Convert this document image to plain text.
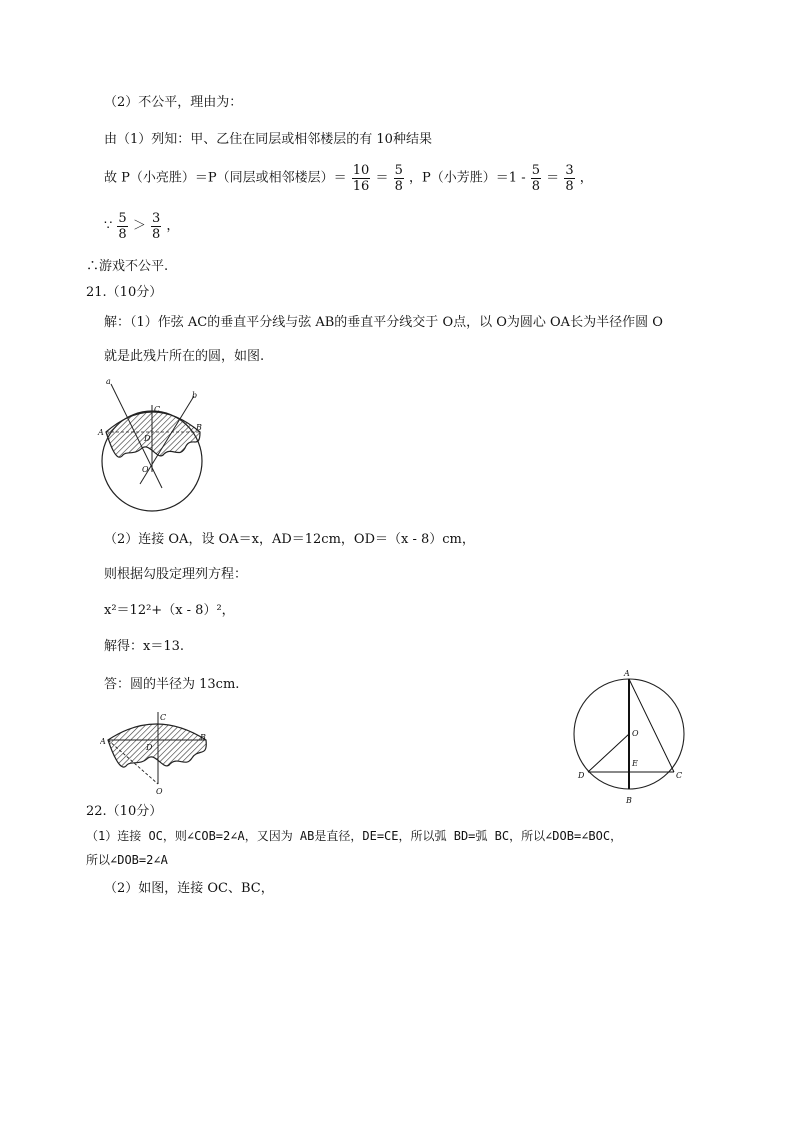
（2）不公平，理由为：
由（1）列知：甲、乙住在同层或相邻楼层的有 10种结果
故 P（小亮胜）＝P（同层或相邻楼层）＝ $\frac{10}{16} = \frac{5}{8}$ ，P（小芳胜）$=1 - \frac{5}{8} = \frac{3}{8}$ ，
∵ $\frac{5}{8} > \frac{3}{8}$ ，
∴游戏不公平.
21.（10分）
解：（1）作弦 AC的垂直平分线与弦 AB的垂直平分线交于 O点，以 O为圆心 OA长为半径作圆 O
就是此残片所在的圆，如图.
a
b
C
A
B
D
O
（2）连接 OA，设 OA＝x，AD＝12cm，OD＝（x - 8）cm，
则根据勾股定理列方程：
x²＝12²+（x - 8）²，
解得：x＝13.
答：圆的半径为 13cm.
C
A	B
D
O
A
O
E
D	C
B
22.（10分）
（1）连接 OC，则∠COB=2∠A，又因为 AB是直径，DE=CE，所以弧 BD=弧 BC，所以∠DOB=∠BOC，
所以∠DOB=2∠A
（2）如图，连接 OC、BC，
